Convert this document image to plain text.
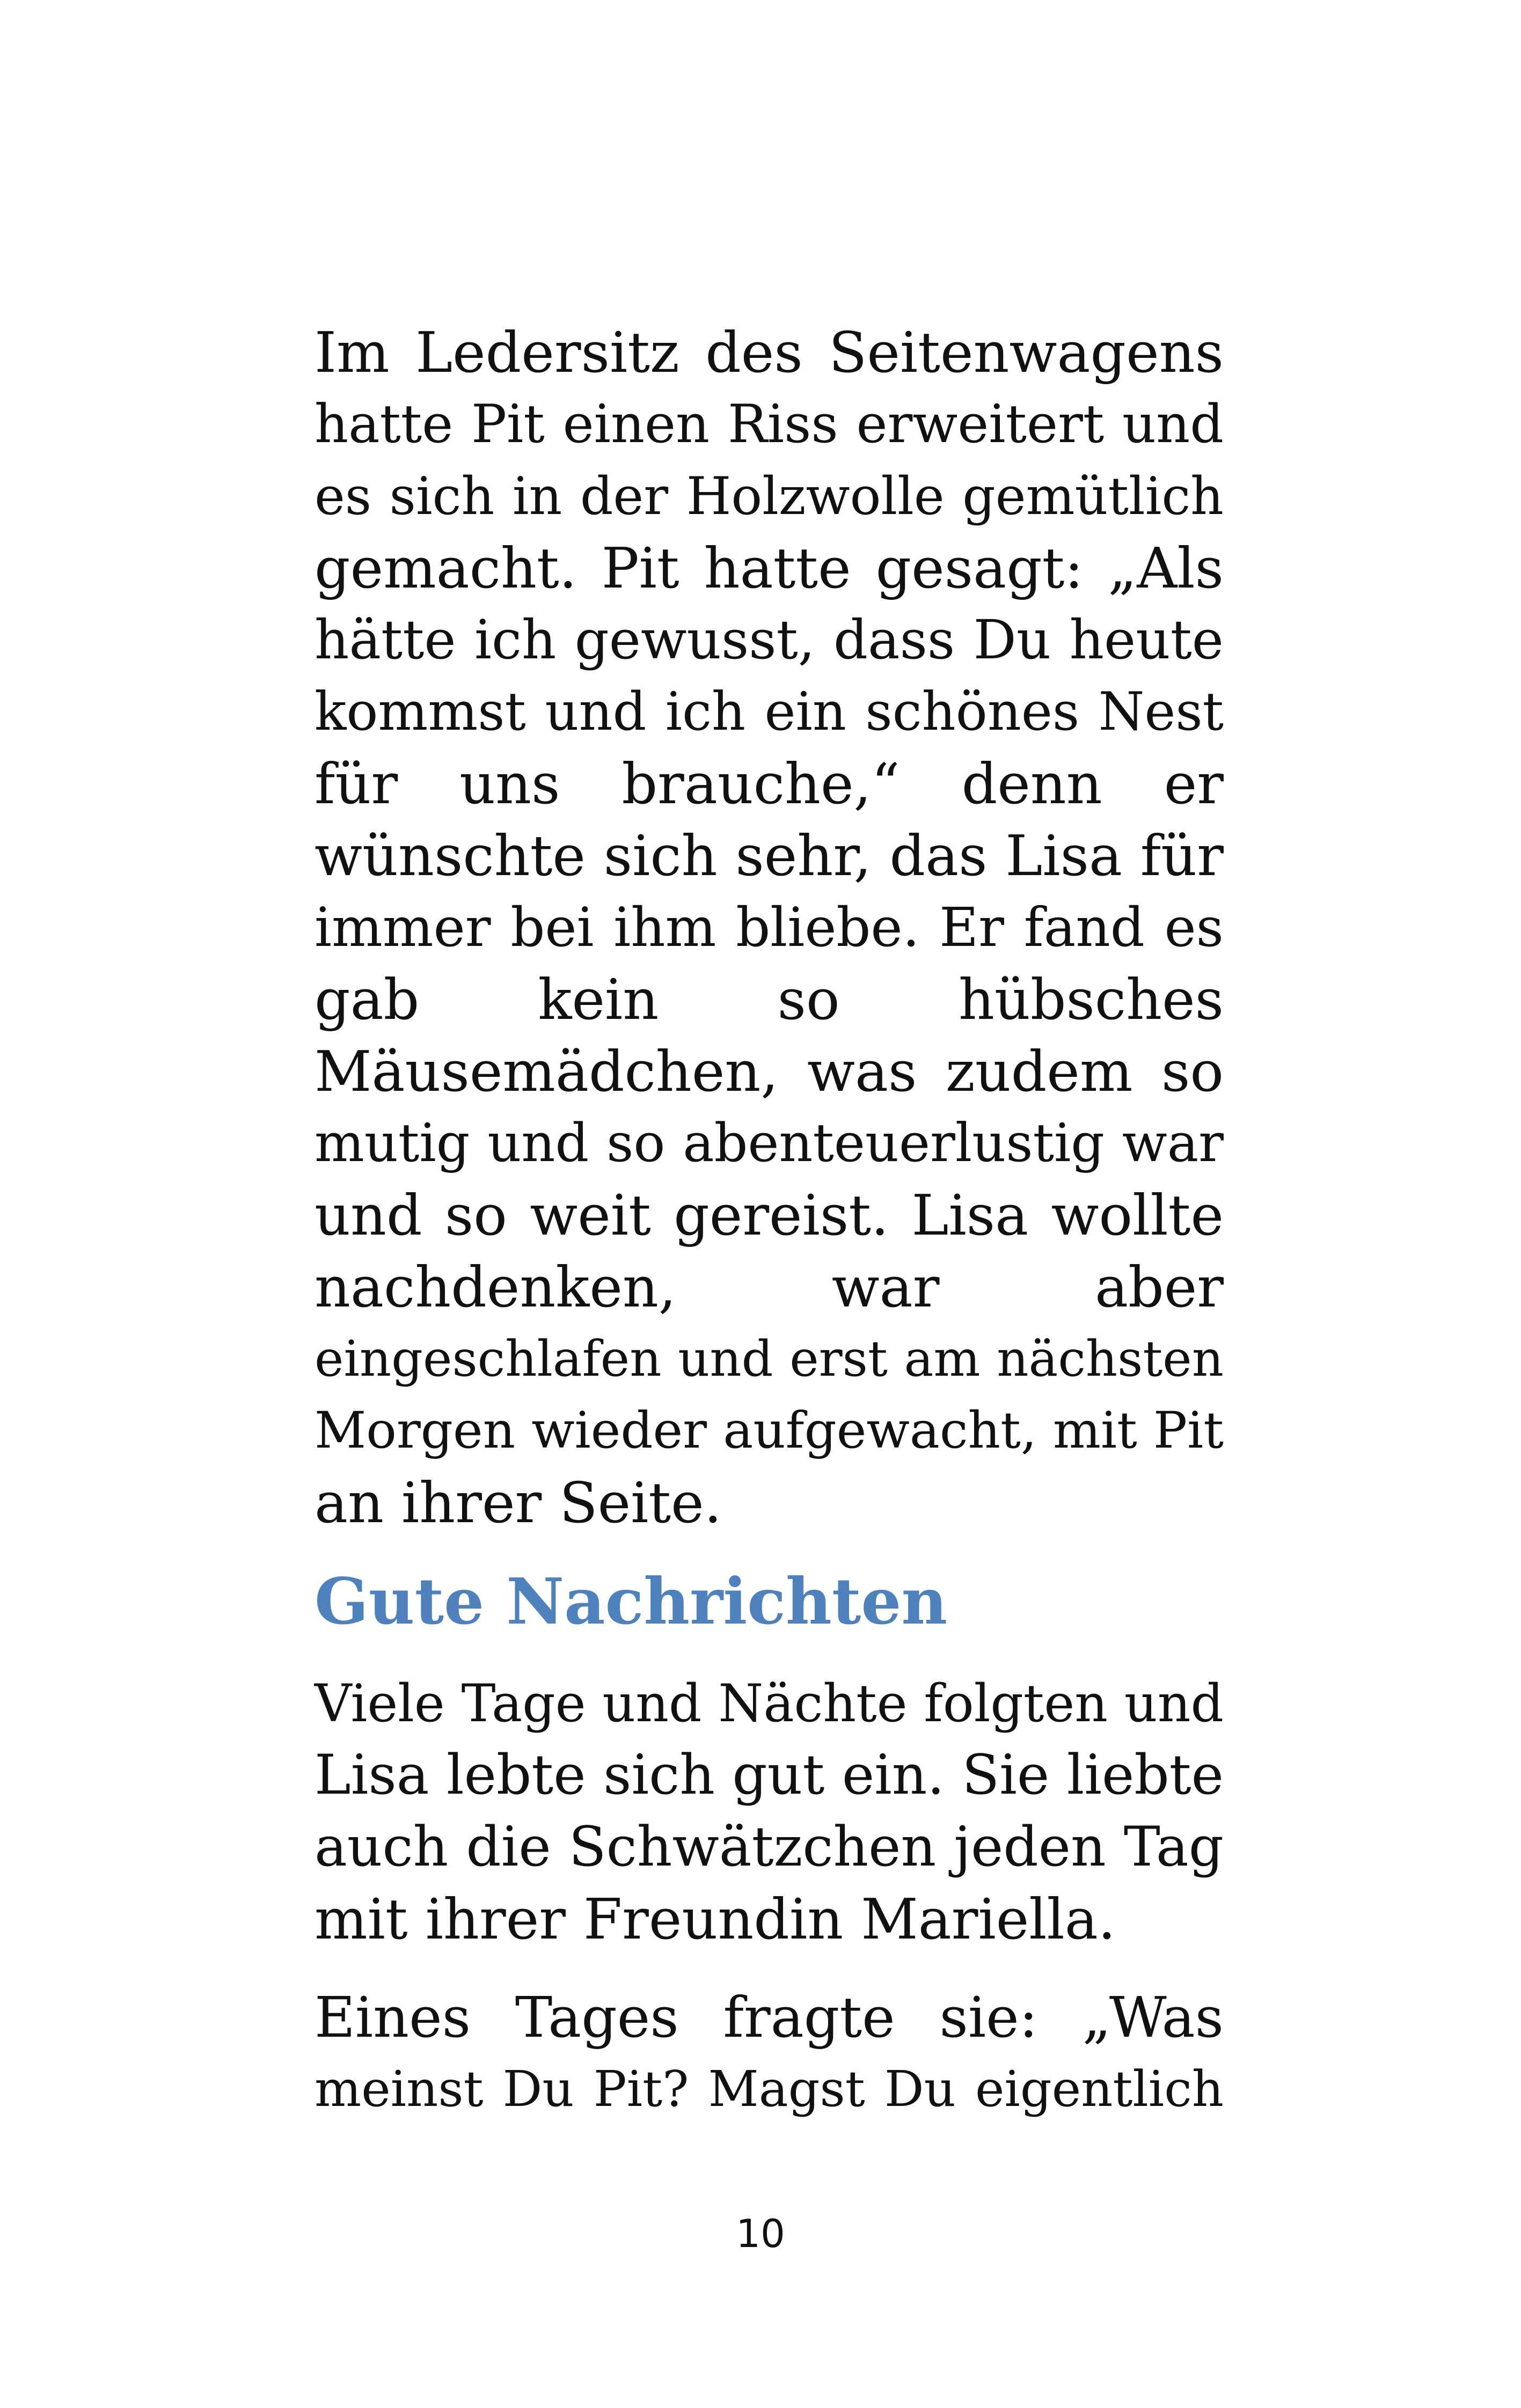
Im Ledersitz des Seitenwagens
hatte Pit einen Riss erweitert und
es sich in der Holzwolle gemütlich
gemacht. Pit hatte gesagt: „Als
hätte ich gewusst, dass Du heute
kommst und ich ein schönes Nest
für uns brauche,“ denn er
wünschte sich sehr, das Lisa für
immer bei ihm bliebe. Er fand es
gab kein so hübsches
Mäusemädchen, was zudem so
mutig und so abenteuerlustig war
und so weit gereist. Lisa wollte
nachdenken, war aber
eingeschlafen und erst am nächsten
Morgen wieder aufgewacht, mit Pit
an ihrer Seite.
Gute Nachrichten
Viele Tage und Nächte folgten und
Lisa lebte sich gut ein. Sie liebte
auch die Schwätzchen jeden Tag
mit ihrer Freundin Mariella.
Eines Tages fragte sie: „Was
meinst Du Pit? Magst Du eigentlich
10
